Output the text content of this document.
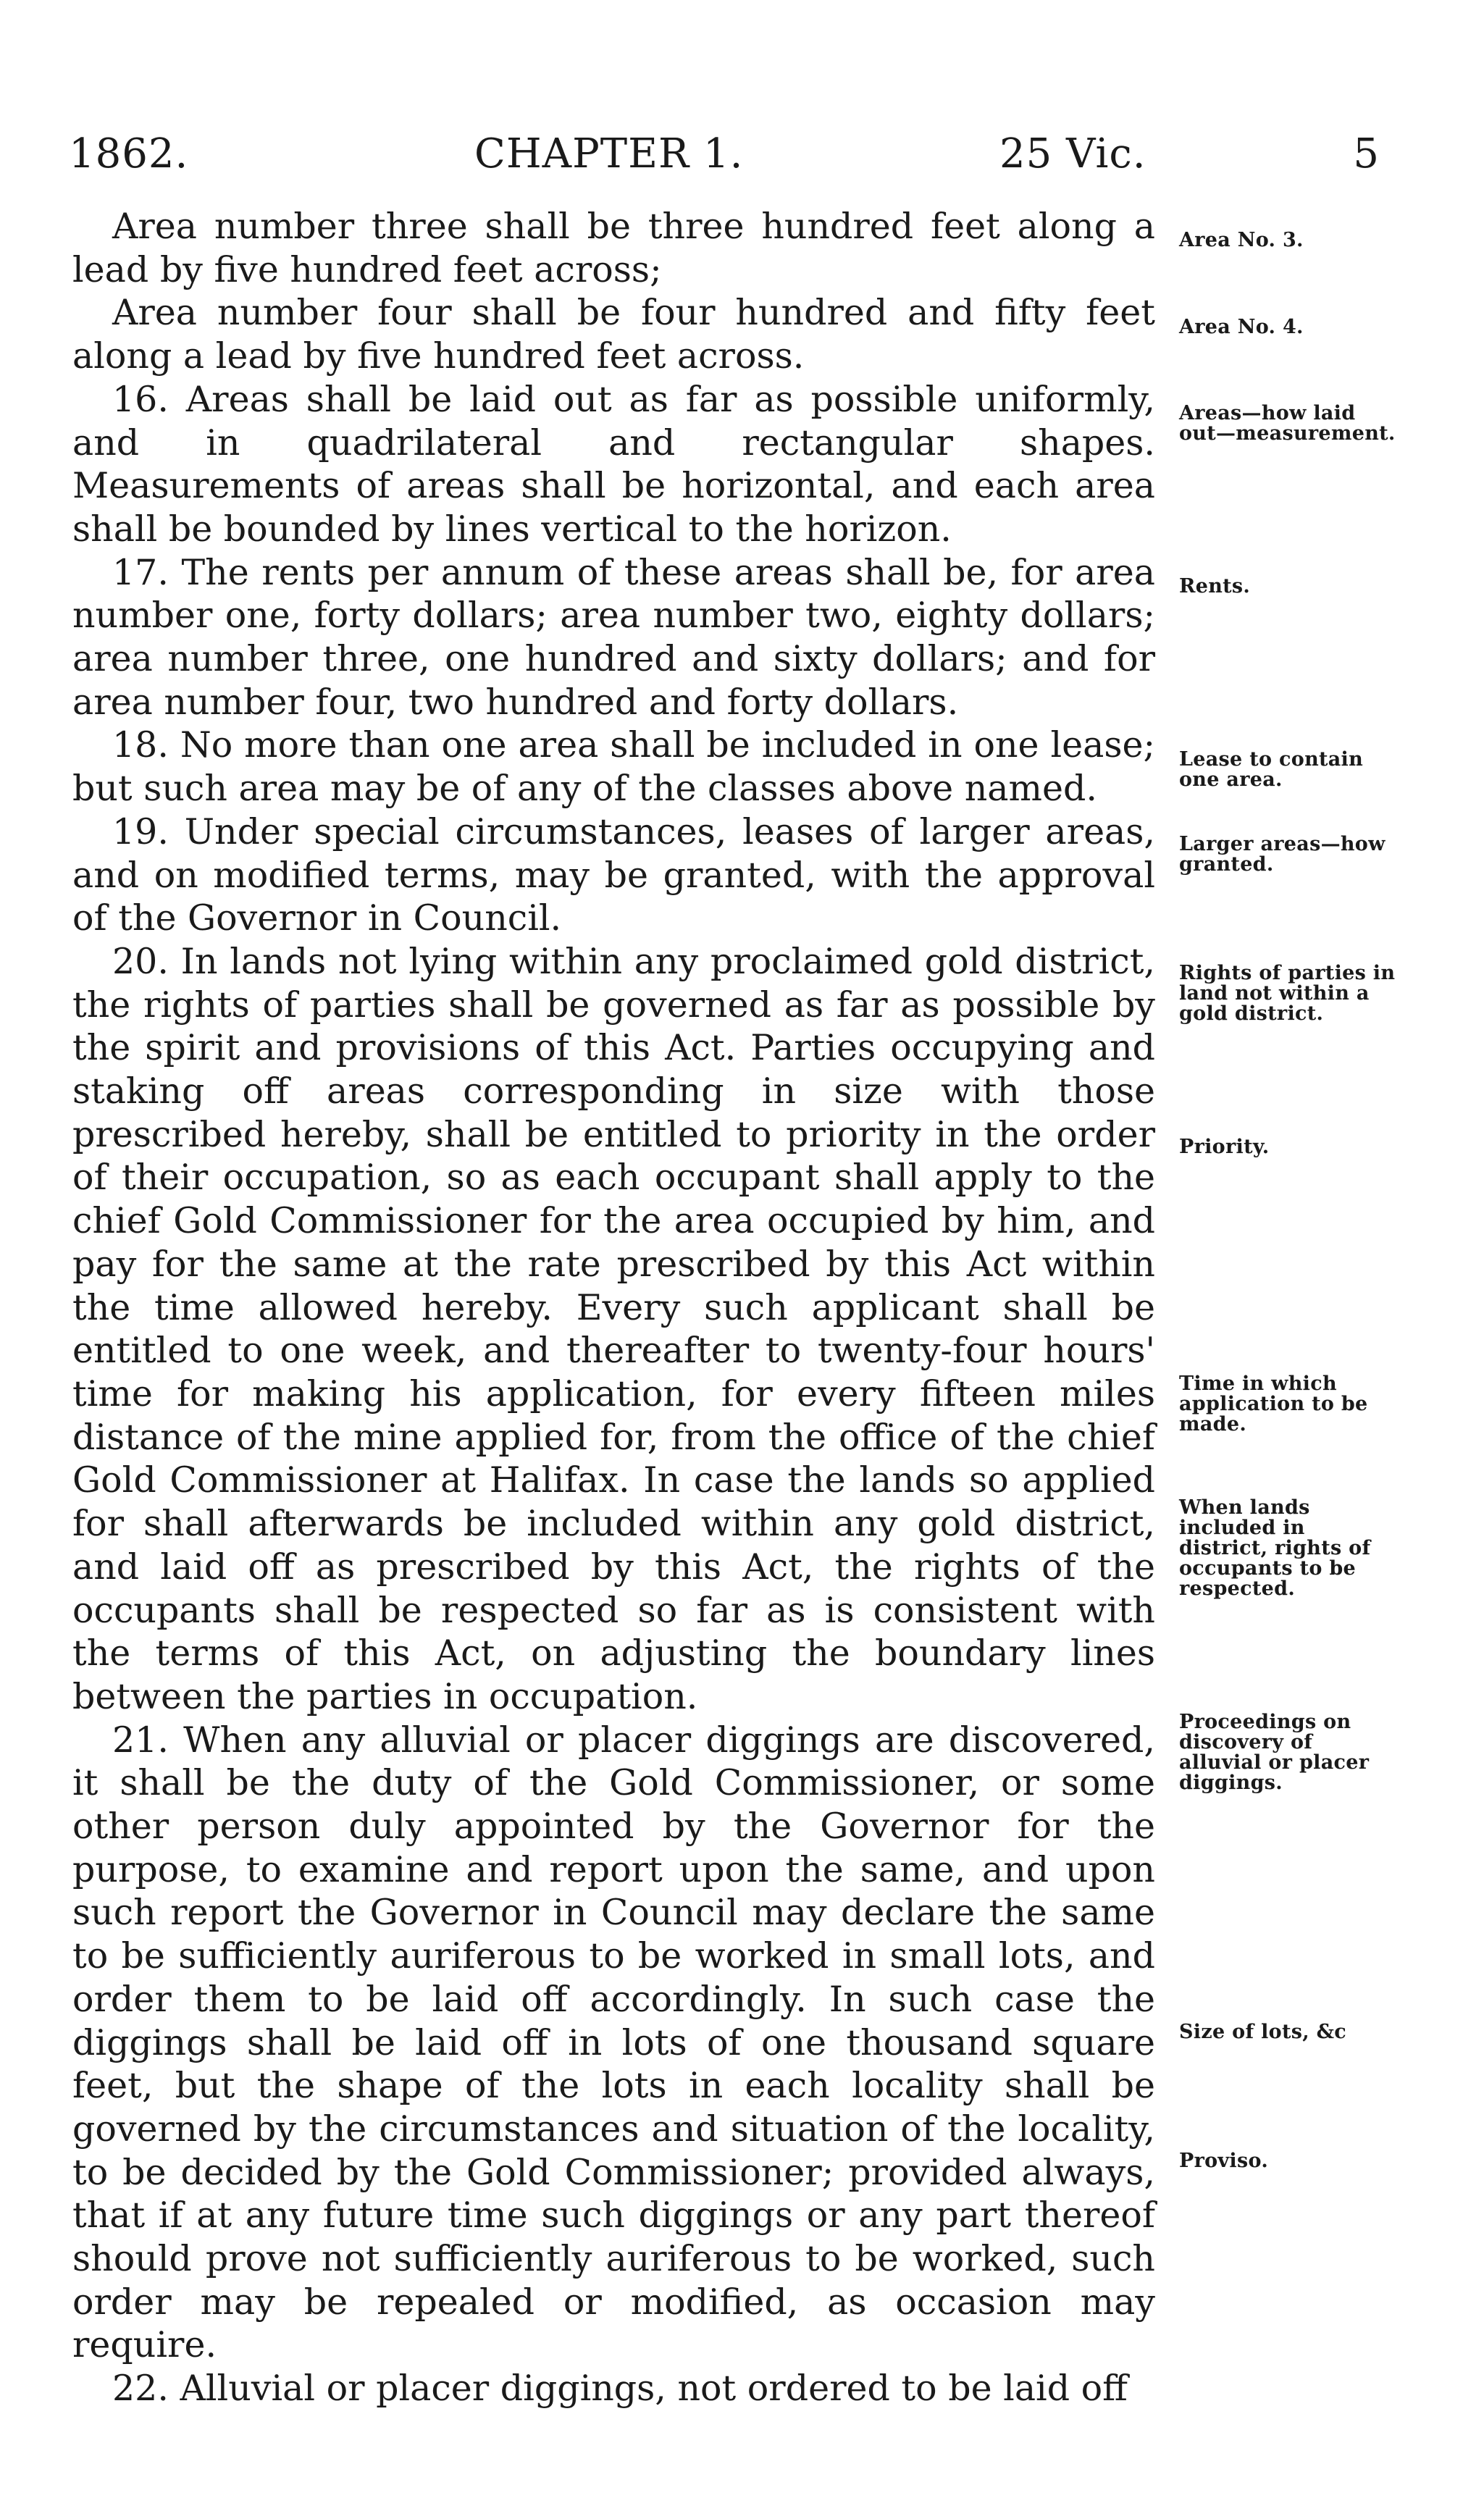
1862.	CHAPTER 1.	25 Vic.	5

Area number three shall be three hundred feet along a lead by five hundred feet across;

Area number four shall be four hundred and fifty feet along a lead by five hundred feet across.

16. Areas shall be laid out as far as possible uniformly, and in quadrilateral and rectangular shapes. Measurements of areas shall be horizontal, and each area shall be bounded by lines vertical to the horizon.

17. The rents per annum of these areas shall be, for area number one, forty dollars; area number two, eighty dollars; area number three, one hundred and sixty dollars; and for area number four, two hundred and forty dollars.

18. No more than one area shall be included in one lease; but such area may be of any of the classes above named.

19. Under special circumstances, leases of larger areas, and on modified terms, may be granted, with the approval of the Governor in Council.

20. In lands not lying within any proclaimed gold district, the rights of parties shall be governed as far as possible by the spirit and provisions of this Act. Parties occupying and staking off areas corresponding in size with those prescribed hereby, shall be entitled to priority in the order of their occupation, so as each occupant shall apply to the chief Gold Commissioner for the area occupied by him, and pay for the same at the rate prescribed by this Act within the time allowed hereby. Every such applicant shall be entitled to one week, and thereafter to twenty-four hours' time for making his application, for every fifteen miles distance of the mine applied for, from the office of the chief Gold Commissioner at Halifax. In case the lands so applied for shall afterwards be included within any gold district, and laid off as prescribed by this Act, the rights of the occupants shall be respected so far as is consistent with the terms of this Act, on adjusting the boundary lines between the parties in occupation.

21. When any alluvial or placer diggings are discovered, it shall be the duty of the Gold Commissioner, or some other person duly appointed by the Governor for the purpose, to examine and report upon the same, and upon such report the Governor in Council may declare the same to be sufficiently auriferous to be worked in small lots, and order them to be laid off accordingly. In such case the diggings shall be laid off in lots of one thousand square feet, but the shape of the lots in each locality shall be governed by the circumstances and situation of the locality, to be decided by the Gold Commissioner; provided always, that if at any future time such diggings or any part thereof should prove not sufficiently auriferous to be worked, such order may be repealed or modified, as occasion may require.

22. Alluvial or placer diggings, not ordered to be laid off

Area No. 3.
Area No. 4.
Areas—how laid out—measurement.
Rents.
Lease to contain one area.
Larger areas—how granted.
Rights of parties in land not within a gold district.
Priority.
Time in which application to be made.
When lands included in district, rights of occupants to be respected.
Proceedings on discovery of alluvial or placer diggings.
Size of lots, &c
Proviso.
